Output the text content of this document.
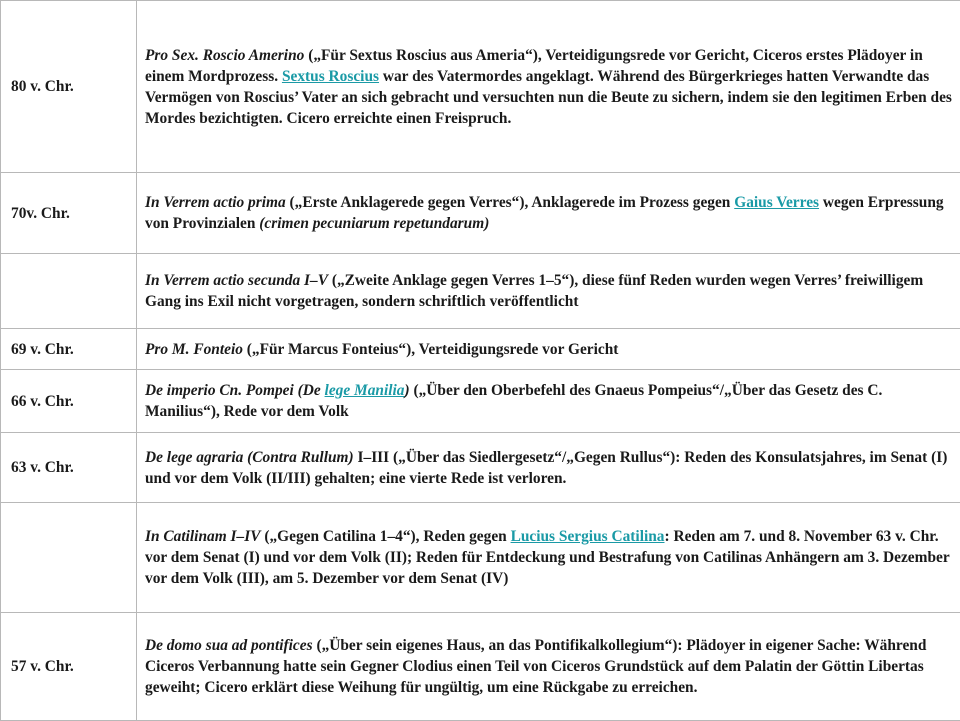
80 v. Chr.	Pro Sex. Roscio Amerino („Für Sextus Roscius aus Ameria“), Verteidigungsrede vor Gericht, Ciceros erstes Plädoyer in einem Mordprozess. Sextus Roscius war des Vatermordes angeklagt. Während des Bürgerkrieges hatten Verwandte das Vermögen von Roscius’ Vater an sich gebracht und versuchten nun die Beute zu sichern, indem sie den legitimen Erben des Mordes bezichtigten. Cicero erreichte einen Freispruch.
70v. Chr.	In Verrem actio prima („Erste Anklagerede gegen Verres“), Anklagerede im Prozess gegen Gaius Verres wegen Erpressung von Provinzialen (crimen pecuniarum repetundarum)
	In Verrem actio secunda I–V („Zweite Anklage gegen Verres 1–5“), diese fünf Reden wurden wegen Verres’ freiwilligem Gang ins Exil nicht vorgetragen, sondern schriftlich veröffentlicht
69 v. Chr.	Pro M. Fonteio („Für Marcus Fonteius“), Verteidigungsrede vor Gericht
66 v. Chr.	De imperio Cn. Pompei (De lege Manilia) („Über den Oberbefehl des Gnaeus Pompeius“/„Über das Gesetz des C. Manilius“), Rede vor dem Volk
63 v. Chr.	De lege agraria (Contra Rullum) I–III („Über das Siedlergesetz“/„Gegen Rullus“): Reden des Konsulatsjahres, im Senat (I) und vor dem Volk (II/III) gehalten; eine vierte Rede ist verloren.
	In Catilinam I–IV („Gegen Catilina 1–4“), Reden gegen Lucius Sergius Catilina: Reden am 7. und 8. November 63 v. Chr. vor dem Senat (I) und vor dem Volk (II); Reden für Entdeckung und Bestrafung von Catilinas Anhängern am 3. Dezember vor dem Volk (III), am 5. Dezember vor dem Senat (IV)
57 v. Chr.	De domo sua ad pontifices („Über sein eigenes Haus, an das Pontifikalkollegium“): Plädoyer in eigener Sache: Während Ciceros Verbannung hatte sein Gegner Clodius einen Teil von Ciceros Grundstück auf dem Palatin der Göttin Libertas geweiht; Cicero erklärt diese Weihung für ungültig, um eine Rückgabe zu erreichen.
